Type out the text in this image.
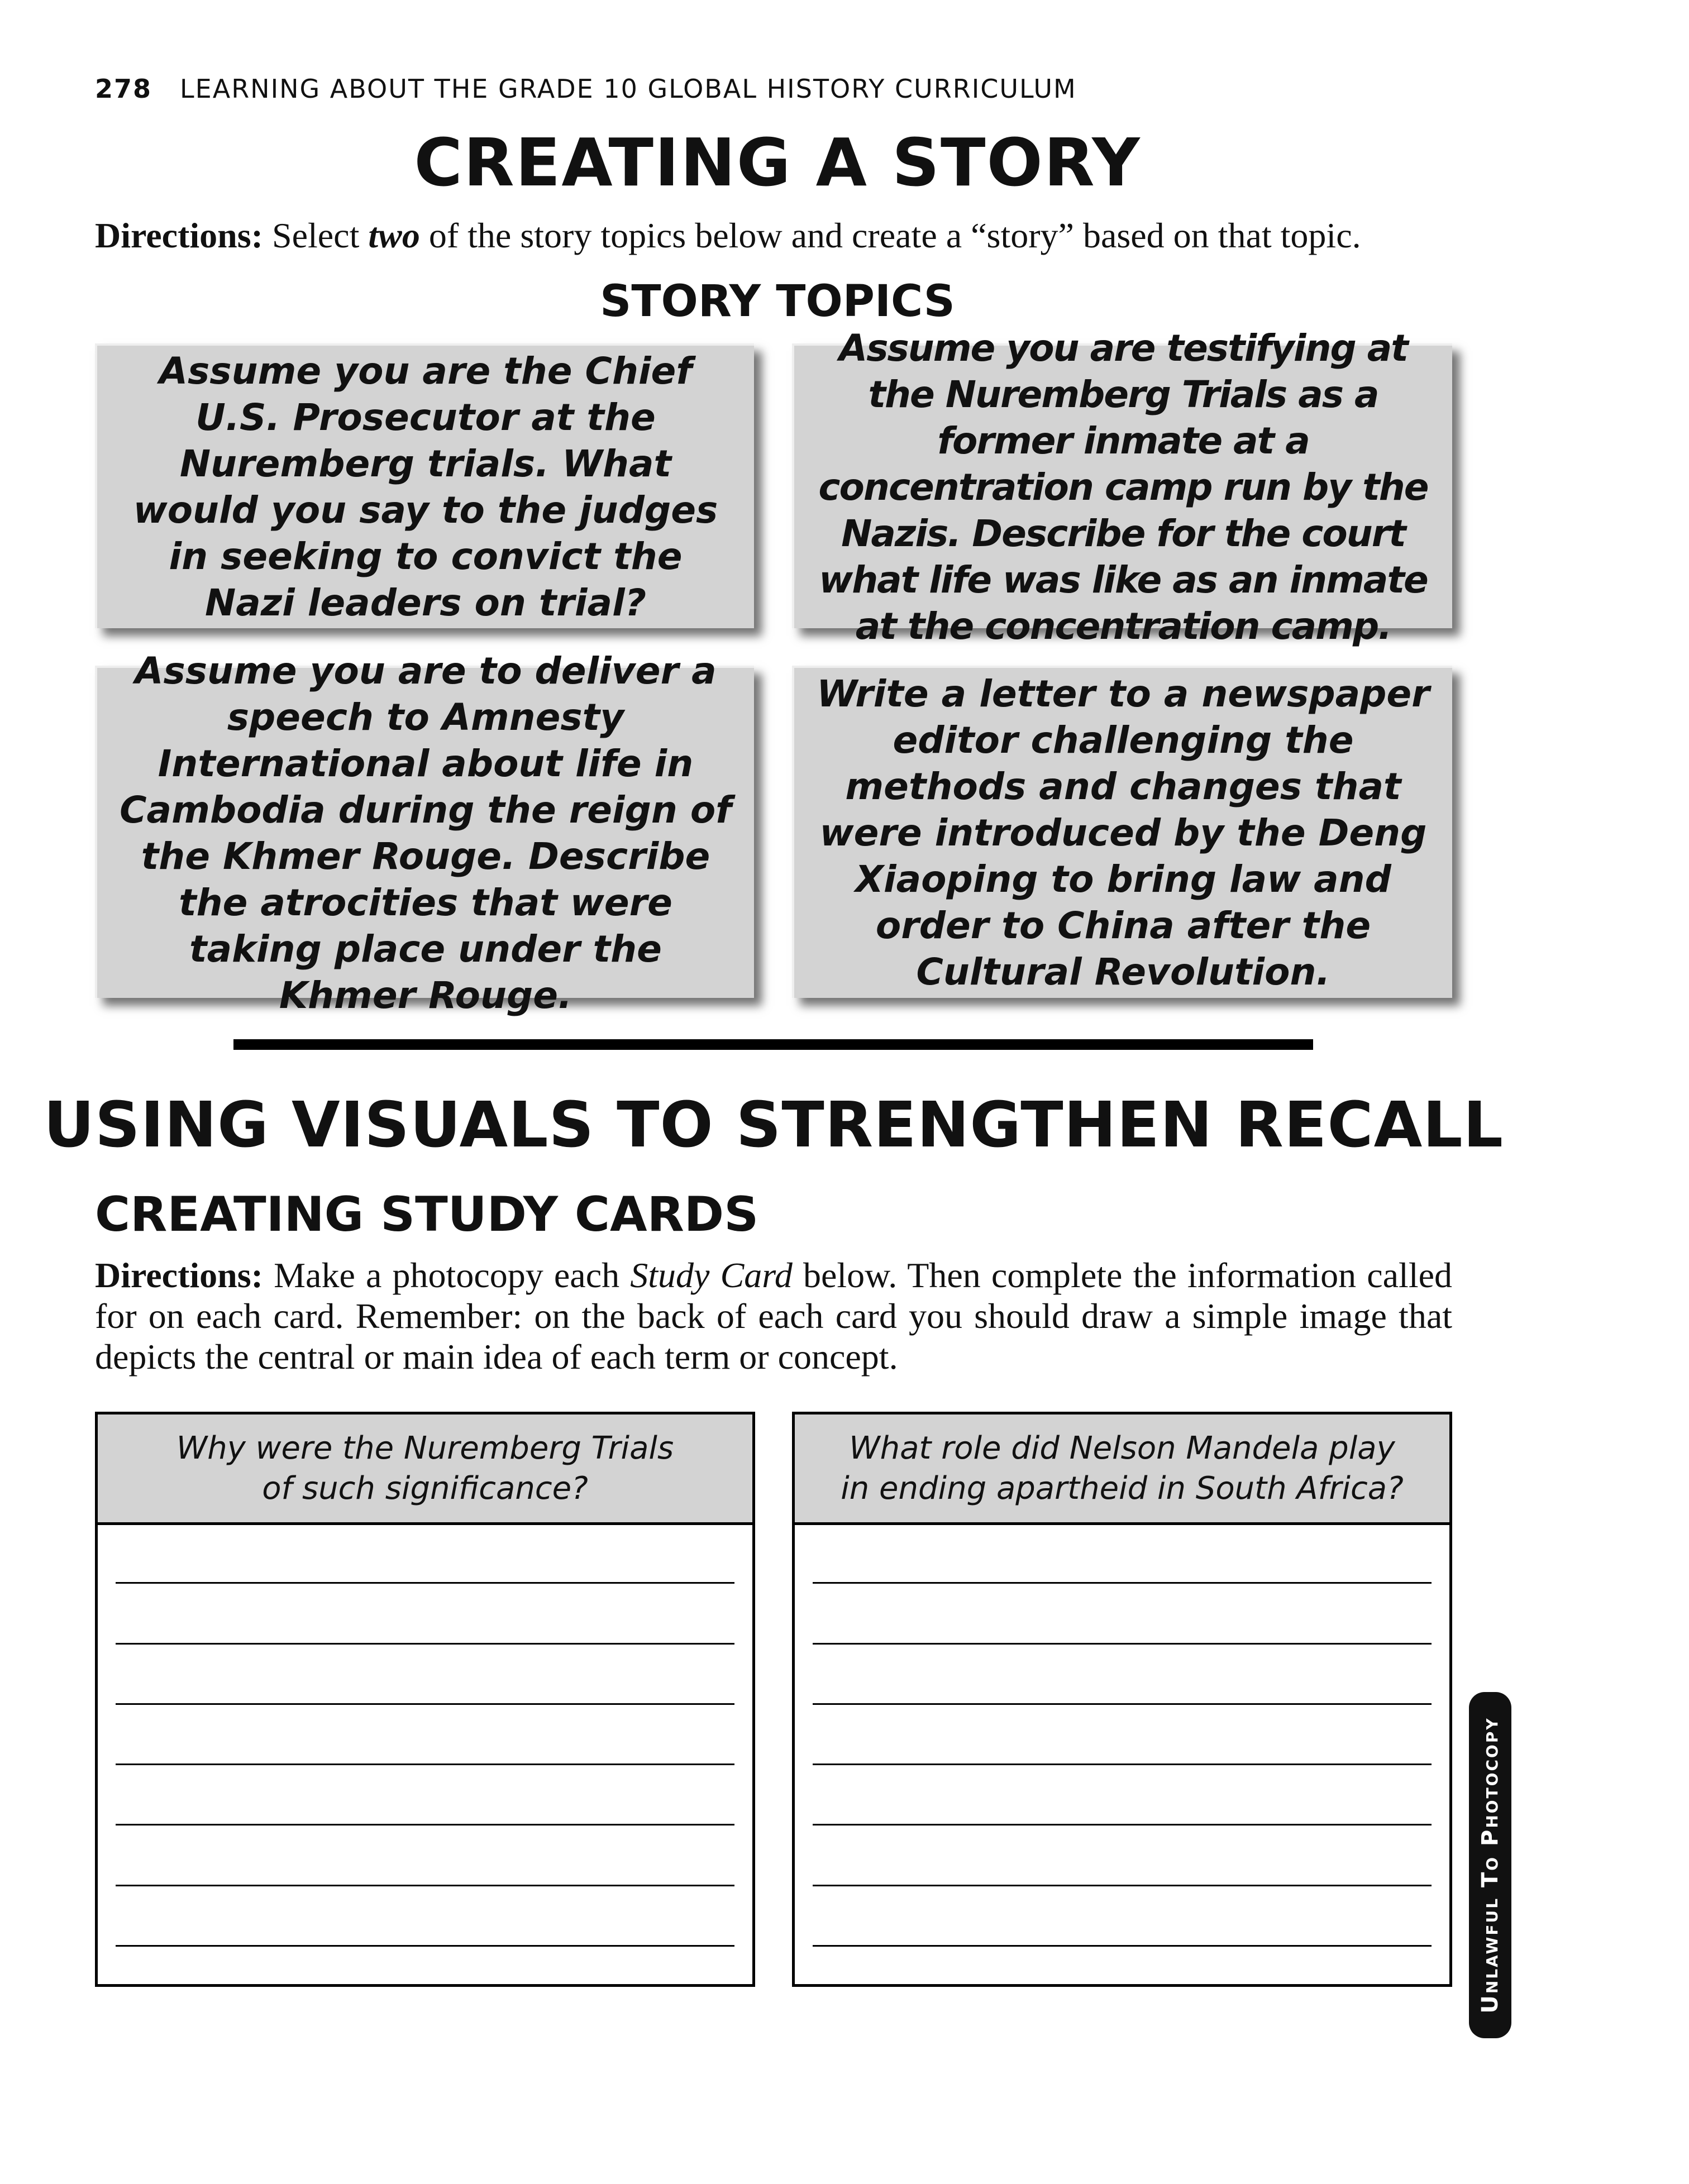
278 LEARNING ABOUT THE GRADE 10 GLOBAL HISTORY CURRICULUM
CREATING A STORY
Directions: Select two of the story topics below and create a “story” based on that topic.
STORY TOPICS
Assume you are the Chief U.S. Prosecutor at the Nuremberg trials. What would you say to the judges in seeking to convict the Nazi leaders on trial?
Assume you are testifying at the Nuremberg Trials as a former inmate at a concentration camp run by the Nazis. Describe for the court what life was like as an inmate at the concentration camp.
Assume you are to deliver a speech to Amnesty International about life in Cambodia during the reign of the Khmer Rouge. Describe the atrocities that were taking place under the Khmer Rouge.
Write a letter to a newspaper editor challenging the methods and changes that were introduced by the Deng Xiaoping to bring law and order to China after the Cultural Revolution.
USING VISUALS TO STRENGTHEN RECALL
CREATING STUDY CARDS
Directions: Make a photocopy each Study Card below. Then complete the information called for on each card. Remember: on the back of each card you should draw a simple image that depicts the central or main idea of each term or concept.
Why were the Nuremberg Trials
of such significance?
What role did Nelson Mandela play
in ending apartheid in South Africa?
Unlawful To Photocopy
